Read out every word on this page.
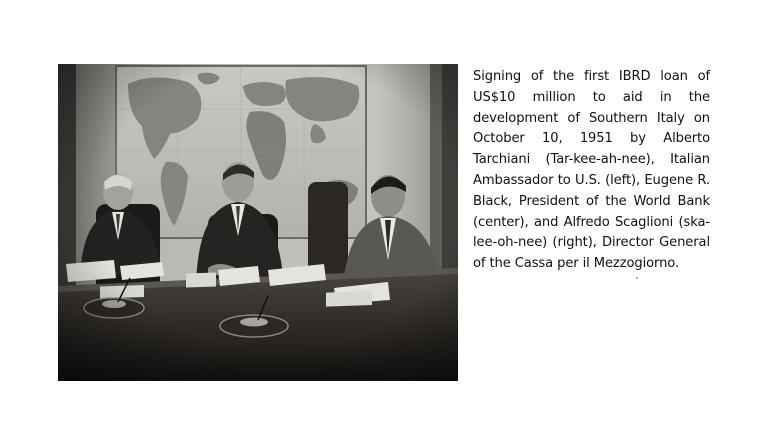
Signing of the first IBRD loan of US$10 million to aid in the development of Southern Italy on October 10, 1951 by Alberto Tarchiani (Tar-kee-ah-nee), Italian Ambassador to U.S. (left), Eugene R. Black, President of the World Bank (center), and Alfredo Scaglioni (ska-lee-oh-nee) (right), Director General of the Cassa per il Mezzogiorno.
